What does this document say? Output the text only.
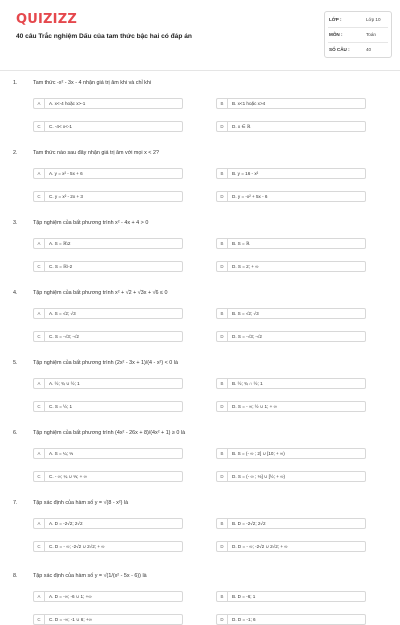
QUIZIZZ
40 câu Trắc nghiệm Dấu của tam thức bậc hai có đáp án
LỚP :	Lớp 10
MÔN :	Toán
SỐ CÂU :	40
1.	Tam thức -x² - 3x - 4 nhận giá trị âm khi và chỉ khi
A	A. x<-4 hoặc x>-1	B	B. x<1 hoặc x>4
C	C. -4< x<-1	D	D. x ∈ ℝ
2.	Tam thức nào sau đây nhận giá trị âm với mọi x < 2?
A	A. y = x² - 5x + 6	B	B. y = 16 - x²
C	C. y = x² - 2x + 3	D	D. y = -x² + 5x - 6
3.	Tập nghiệm của bất phương trình x² - 4x + 4 > 0
A	A. S = ℝ\2	B	B. S = ℝ
C	C. S = ℝ\-2	D	D. S = 2; + ∞
4.	Tập nghiệm của bất phương trình x² + √2 + √3x + √6 ≤ 0
A	A. S = √2; √3	B	B. S = √2; √3
C	C. S = -√3; -√2	D	D. S = -√3; -√2
5.	Tập nghiệm của bất phương trình (2x² - 3x + 1)/(4 - x²) < 0 là
A	A. ½; ¾ ∪ ½; 1	B	B. ½; ¾ ∩ ½; 1
C	C. S = ½; 1	D	D. S = - ∞; ½ ∪ 1; + ∞
6.	Tập nghiệm của bất phương trình (4x² - 26x + 8)/(4x² + 1) ≥ 0 là
A	A. S = ¼; ⅓	B	B. S = (- ∞ ; 2] ∪ [10; + ∞)
C	C. - ∞; ¼ ∪ ⅓; + ∞	D	D. S = (- ∞ ; ⅓] ∪ [½; + ∞)
7.	Tập xác định của hàm số y = √(8 - x²) là
A	A. D = -2√2; 2√2	B	B. D = -2√2; 2√2
C	C. D = - ∞; -2√2 ∪ 2√2; + ∞	D	D. D = - ∞; -2√2 ∪ 2√2; + ∞
8.	Tập xác định của hàm số y = √(1/(x² - 5x - 6)) là
A	A. D = -∞; -6 ∪ 1; +∞	B	B. D = -6; 1
C	C. D = -∞; -1 ∪ 6; +∞	D	D. D = -1; 6
